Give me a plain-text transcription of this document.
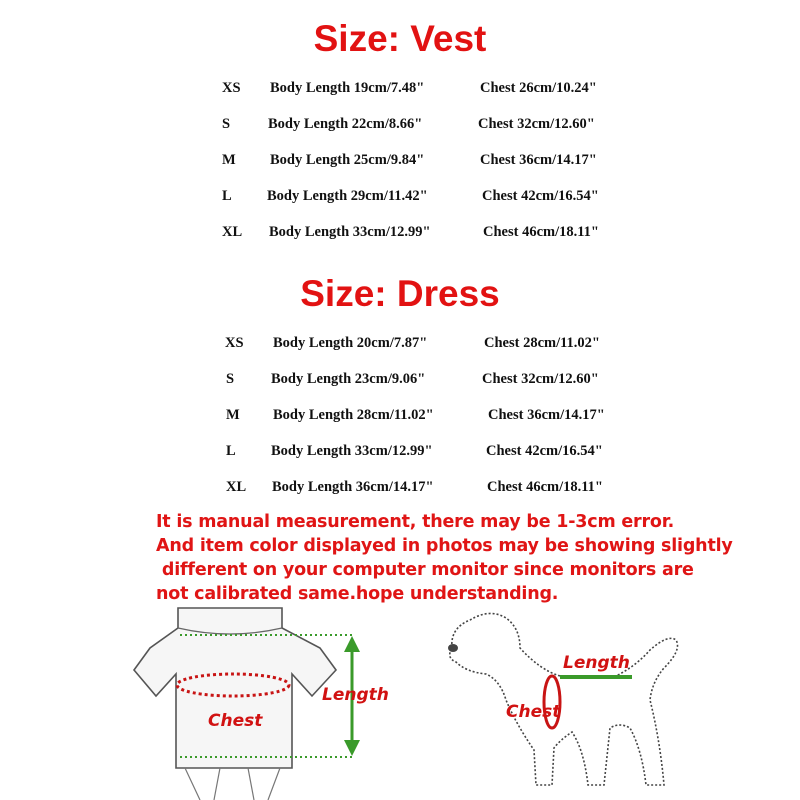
Size: Vest
XS Body Length 19cm/7.48"	Chest 26cm/10.24"
S	Body Length 22cm/8.66"	Chest 32cm/12.60"
M Body Length 25cm/9.84"	Chest 36cm/14.17"
L Body Length 29cm/11.42"	Chest 42cm/16.54"
XL Body Length 33cm/12.99"	Chest 46cm/18.11"
Size: Dress
XS Body Length 20cm/7.87"	Chest 28cm/11.02"
S	Body Length 23cm/9.06"	Chest 32cm/12.60"
M Body Length 28cm/11.02"	Chest 36cm/14.17"
L Body Length 33cm/12.99"	Chest 42cm/16.54"
XL Body Length 36cm/14.17"	Chest 46cm/18.11"
It is manual measurement, there may be 1-3cm error.
And item color displayed in photos may be showing slightly
different on your computer monitor since monitors are
not calibrated same.hope understanding.
Chest
Length
Length
Chest
